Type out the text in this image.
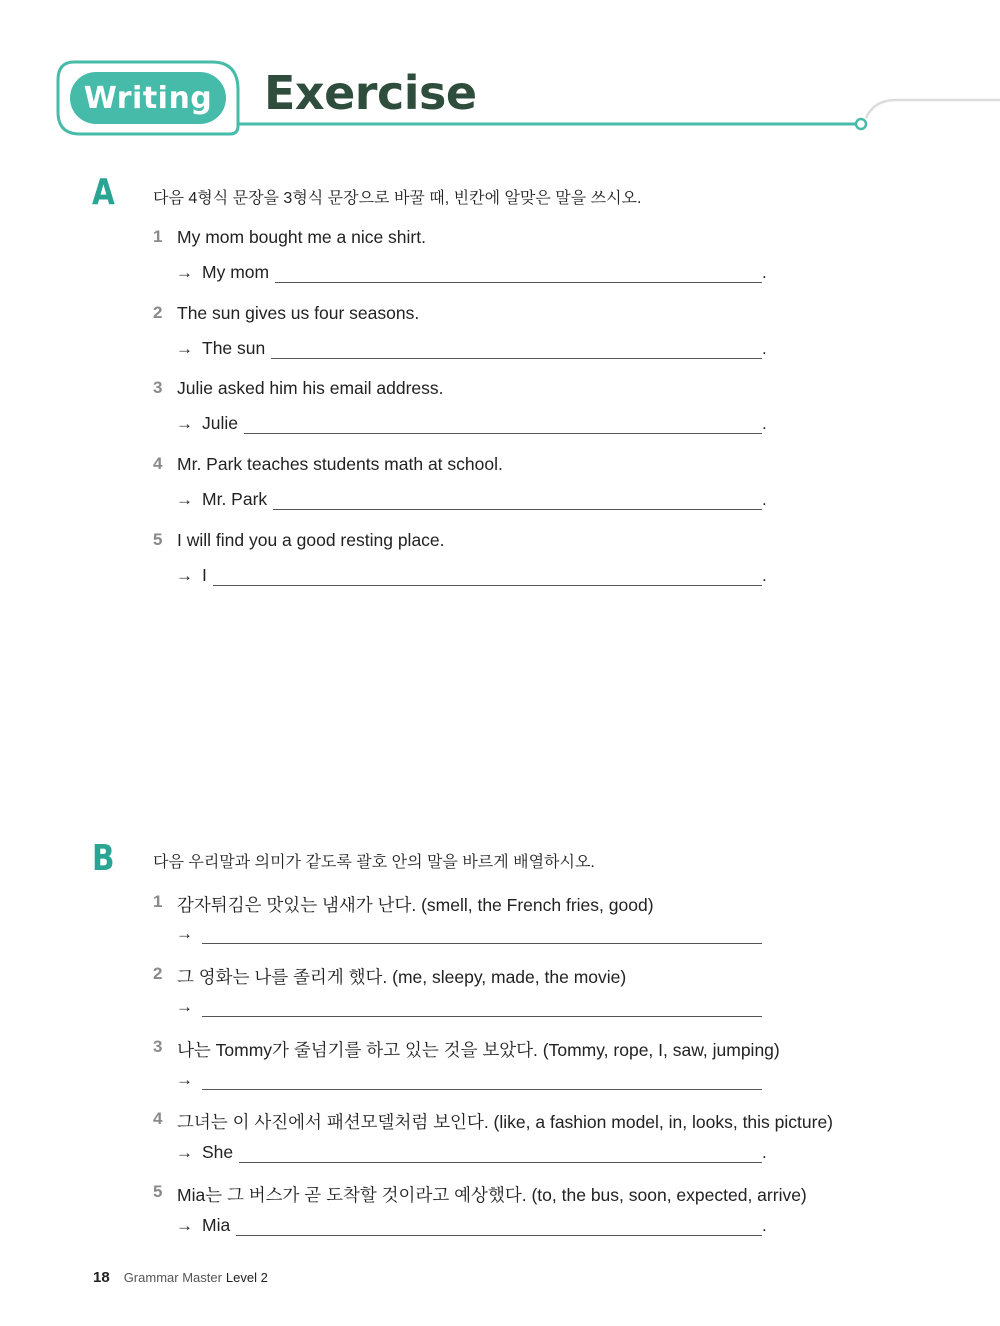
Writing Exercise
A 다음 4형식 문장을 3형식 문장으로 바꿀 때, 빈칸에 알맞은 말을 쓰시오.
1 My mom bought me a nice shirt.
→ My mom	.
2 The sun gives us four seasons.
→ The sun	.
3 Julie asked him his email address.
→ Julie	.
4 Mr. Park teaches students math at school.
→ Mr. Park	.
5 I will find you a good resting place.
→ I	.
B 다음 우리말과 의미가 같도록 괄호 안의 말을 바르게 배열하시오.
1 감자튀김은 맛있는 냄새가 난다. (smell, the French fries, good)
→
2 그 영화는 나를 졸리게 했다. (me, sleepy, made, the movie)
→
3 나는 Tommy가 줄넘기를 하고 있는 것을 보았다. (Tommy, rope, I, saw, jumping)
→
4 그녀는 이 사진에서 패션모델처럼 보인다. (like, a fashion model, in, looks, this picture)
→ She	.
5 Mia는 그 버스가 곧 도착할 것이라고 예상했다. (to, the bus, soon, expected, arrive)
→ Mia	.
18 Grammar Master Level 2
